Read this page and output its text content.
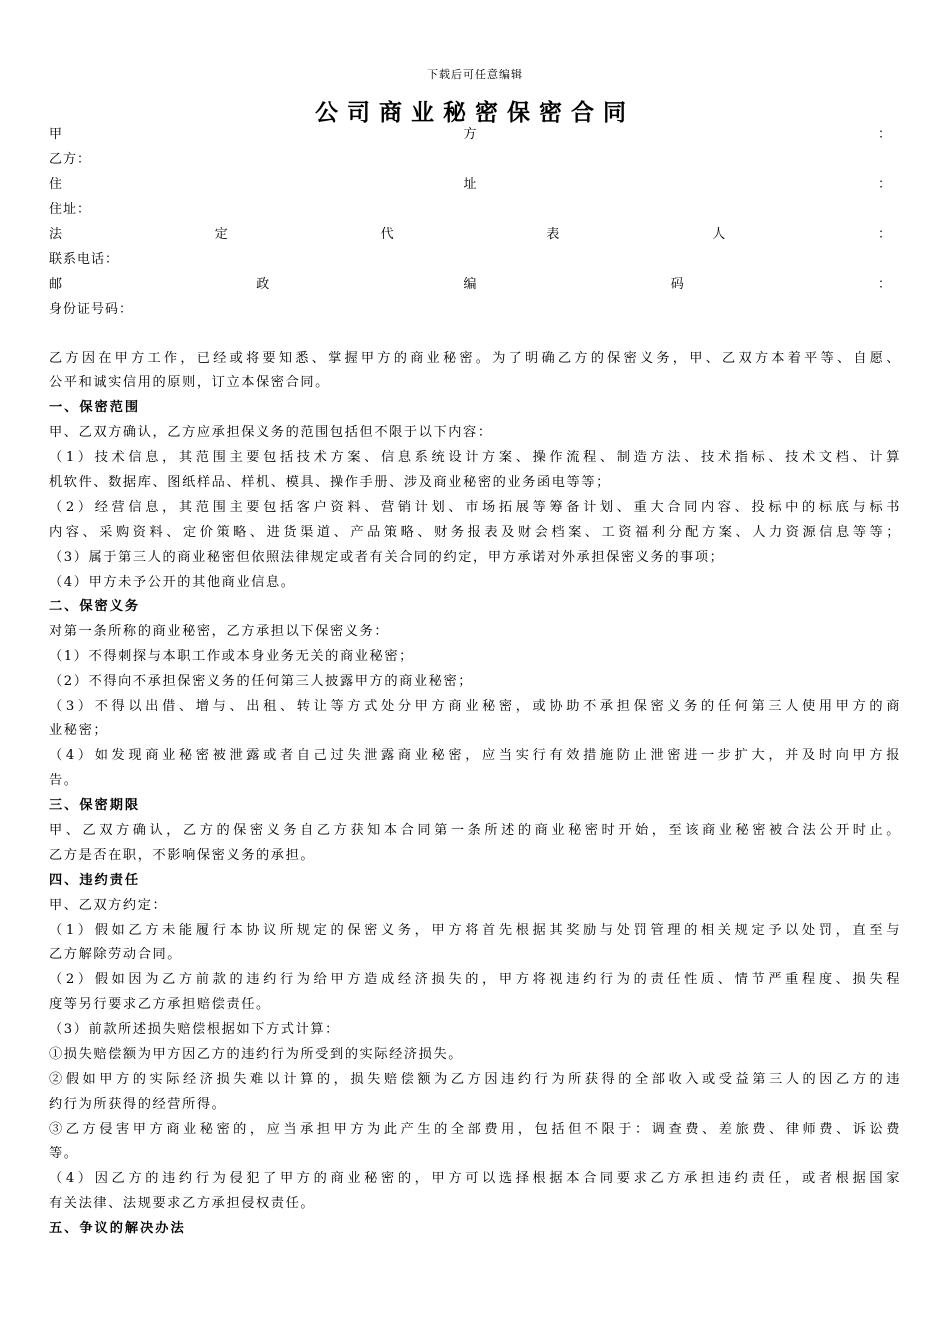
下载后可任意编辑
公司商业秘密保密合同
甲	方	：
乙方：
住	址	：
住址：
法	定	代	表	人	：
联系电话：
邮	政	编	码	：
身份证号码：
乙方因在甲方工作，已经或将要知悉、掌握甲方的商业秘密。为了明确乙方的保密义务，甲、乙双方本着平等、自愿、
公平和诚实信用的原则，订立本保密合同。
一、保密范围
甲、乙双方确认，乙方应承担保义务的范围包括但不限于以下内容：
（1）技术信息，其范围主要包括技术方案、信息系统设计方案、操作流程、制造方法、技术指标、技术文档、计算
机软件、数据库、图纸样品、样机、模具、操作手册、涉及商业秘密的业务函电等等；
（2）经营信息，其范围主要包括客户资料、营销计划、市场拓展等筹备计划、重大合同内容、投标中的标底与标书
内容、采购资料、定价策略、进货渠道、产品策略、财务报表及财会档案、工资福利分配方案、人力资源信息等等；
（3）属于第三人的商业秘密但依照法律规定或者有关合同的约定，甲方承诺对外承担保密义务的事项；
（4）甲方未予公开的其他商业信息。
二、保密义务
对第一条所称的商业秘密，乙方承担以下保密义务：
（1）不得刺探与本职工作或本身业务无关的商业秘密；
（2）不得向不承担保密义务的任何第三人披露甲方的商业秘密；
（3）不得以出借、增与、出租、转让等方式处分甲方商业秘密，或协助不承担保密义务的任何第三人使用甲方的商
业秘密；
（4）如发现商业秘密被泄露或者自己过失泄露商业秘密，应当实行有效措施防止泄密进一步扩大，并及时向甲方报
告。
三、保密期限
甲、乙双方确认，乙方的保密义务自乙方获知本合同第一条所述的商业秘密时开始，至该商业秘密被合法公开时止。
乙方是否在职，不影响保密义务的承担。
四、违约责任
甲、乙双方约定：
（1）假如乙方未能履行本协议所规定的保密义务，甲方将首先根据其奖励与处罚管理的相关规定予以处罚，直至与
乙方解除劳动合同。
（2）假如因为乙方前款的违约行为给甲方造成经济损失的，甲方将视违约行为的责任性质、情节严重程度、损失程
度等另行要求乙方承担赔偿责任。
（3）前款所述损失赔偿根据如下方式计算：
①损失赔偿额为甲方因乙方的违约行为所受到的实际经济损失。
②假如甲方的实际经济损失难以计算的，损失赔偿额为乙方因违约行为所获得的全部收入或受益第三人的因乙方的违
约行为所获得的经营所得。
③乙方侵害甲方商业秘密的，应当承担甲方为此产生的全部费用，包括但不限于：调查费、差旅费、律师费、诉讼费
等。
（4）因乙方的违约行为侵犯了甲方的商业秘密的，甲方可以选择根据本合同要求乙方承担违约责任，或者根据国家
有关法律、法规要求乙方承担侵权责任。
五、争议的解决办法
